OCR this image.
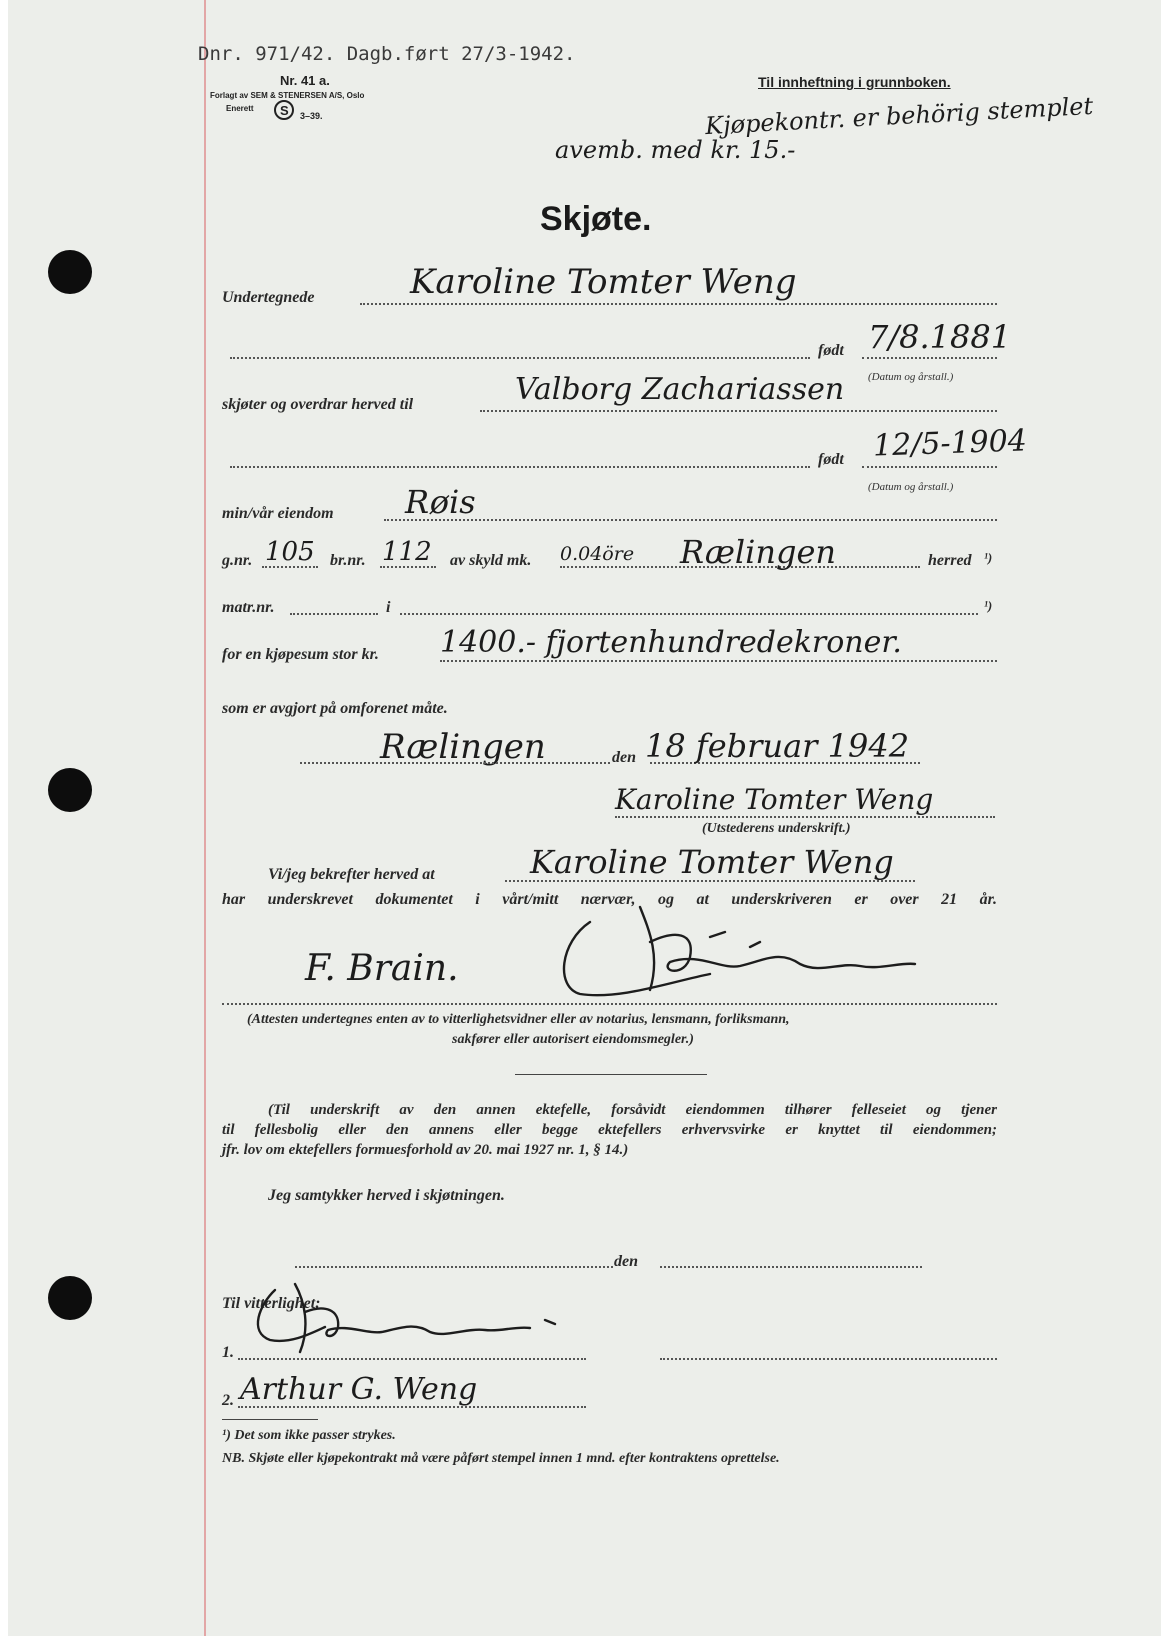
Dnr. 971/42. Dagb.ført 27/3-1942.
Nr. 41 a.
Forlagt av SEM & STENERSEN A/S, Oslo
Enerett S 3–39.
Til innheftning i grunnboken.
Kjøpekontr. er behörig stemplet
avemb. med kr. 15.-
Skjøte.
Undertegnede	Karoline Tomter Weng
født 7/8.1881
(Datum og årstall.)
skjøter og overdrar herved til	Valborg Zachariassen
født 12/5-1904
(Datum og årstall.)
min/vår eiendom Røis
g.nr. 105 br.nr. 112 av skyld mk. 0.04öre Rælingen	herred ¹)
matr.nr.	i	¹)
for en kjøpesum stor kr. 1400.- fjortenhundredekroner.
som er avgjort på omforenet måte.
Rælingen	den 18 februar 1942
Karoline Tomter Weng
(Utstederens underskrift.)
Vi/jeg bekrefter herved at	Karoline Tomter Weng
har underskrevet dokumentet i vårt/mitt nærvær, og at underskriveren er over 21 år.
F. Brain.
(Attesten undertegnes enten av to vitterlighetsvidner eller av notarius, lensmann, forliksmann,
sakfører eller autorisert eiendomsmegler.)
(Til underskrift av den annen ektefelle, forsåvidt eiendommen tilhører felleseiet og tjener
til fellesbolig eller den annens eller begge ektefellers erhvervsvirke er knyttet til eiendommen;
jfr. lov om ektefellers formuesforhold av 20. mai 1927 nr. 1, § 14.)
Jeg samtykker herved i skjøtningen.
den
Til vitterlighet:
1.
2. Arthur G. Weng
¹) Det som ikke passer strykes.
NB. Skjøte eller kjøpekontrakt må være påført stempel innen 1 mnd. efter kontraktens oprettelse.
